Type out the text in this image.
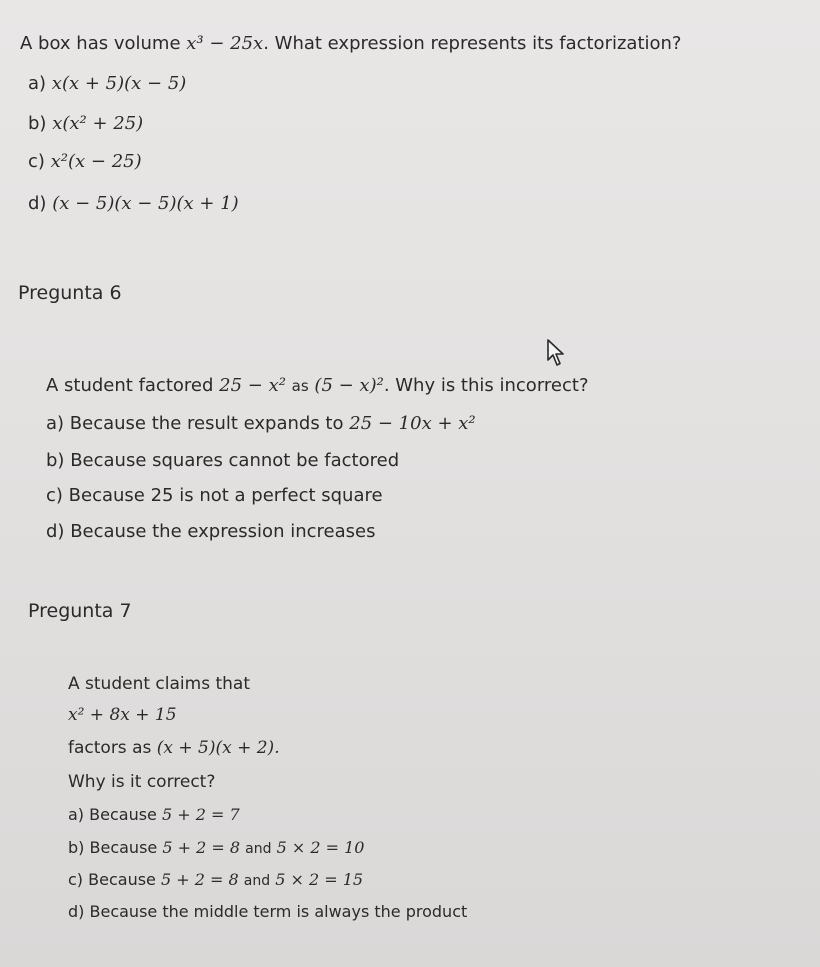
A box has volume x³ − 25x. What expression represents its factorization?
a) x(x + 5)(x − 5)
b) x(x² + 25)
c) x²(x − 25)
d) (x − 5)(x − 5)(x + 1)
Pregunta 6
A student factored 25 − x² as (5 − x)². Why is this incorrect?
a) Because the result expands to 25 − 10x + x²
b) Because squares cannot be factored
c) Because 25 is not a perfect square
d) Because the expression increases
Pregunta 7
A student claims that
x² + 8x + 15
factors as (x + 5)(x + 2).
Why is it correct?
a) Because 5 + 2 = 7
b) Because 5 + 2 = 8 and 5 × 2 = 10
c) Because 5 + 2 = 8 and 5 × 2 = 15
d) Because the middle term is always the product
